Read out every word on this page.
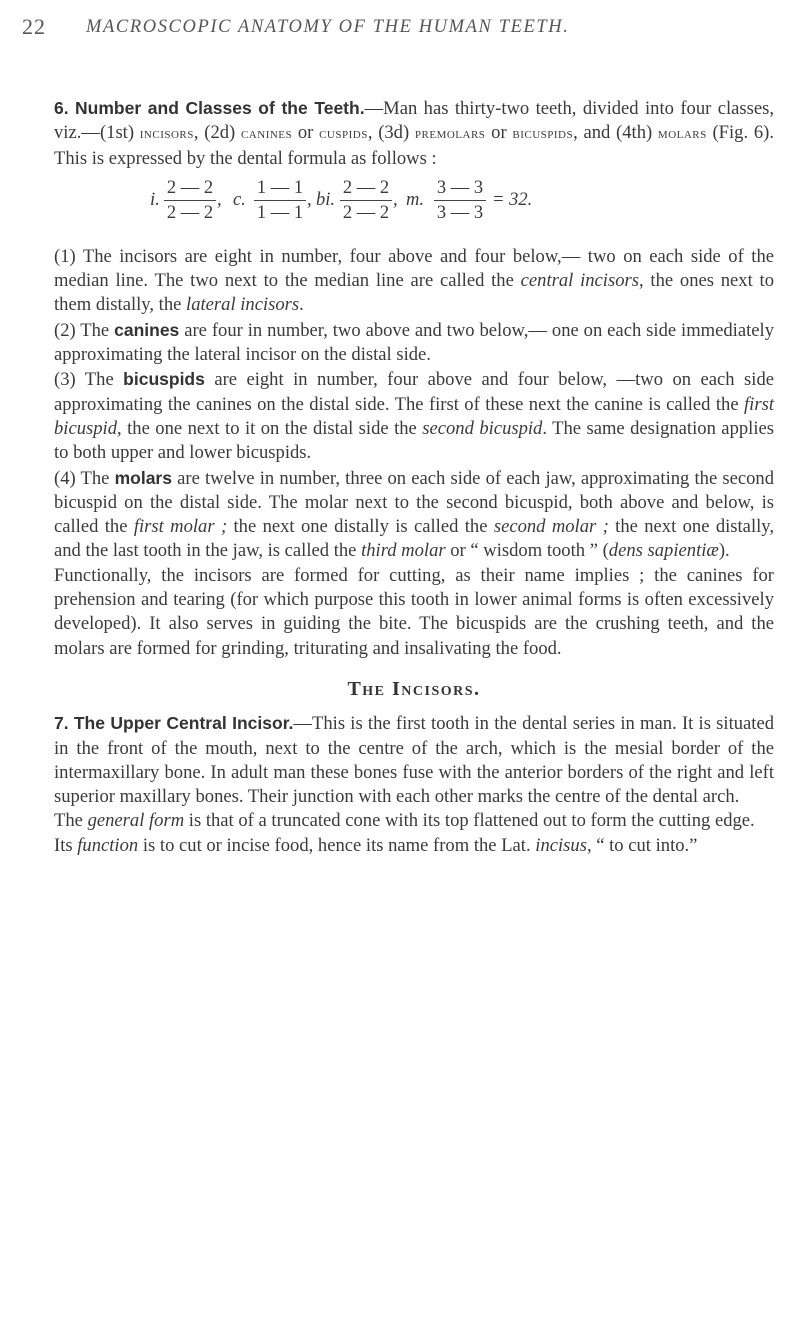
22 MACROSCOPIC ANATOMY OF THE HUMAN TEETH.

6. Number and Classes of the Teeth.—Man has thirty-two teeth, divided into four classes, viz.—(1st) incisors, (2d) canines or cuspids, (3d) premolars or bicuspids, and (4th) molars (Fig. 6). This is expressed by the dental formula as follows :

i.
2 — 2
2 — 2
, c.
1 — 1
1 — 1
, bi.
2 — 2
2 — 2
, m.
3 — 3
3 — 3
= 32.

(1) The incisors are eight in number, four above and four below,— two on each side of the median line. The two next to the median line are called the central incisors, the ones next to them distally, the lateral incisors.

(2) The canines are four in number, two above and two below,— one on each side immediately approximating the lateral incisor on the distal side.

(3) The bicuspids are eight in number, four above and four below, —two on each side approximating the canines on the distal side. The first of these next the canine is called the first bicuspid, the one next to it on the distal side the second bicuspid. The same designation applies to both upper and lower bicuspids.

(4) The molars are twelve in number, three on each side of each jaw, approximating the second bicuspid on the distal side. The molar next to the second bicuspid, both above and below, is called the first molar ; the next one distally is called the second molar ; the next one distally, and the last tooth in the jaw, is called the third molar or “ wisdom tooth ” (dens sapientiæ).

Functionally, the incisors are formed for cutting, as their name implies ; the canines for prehension and tearing (for which purpose this tooth in lower animal forms is often excessively developed). It also serves in guiding the bite. The bicuspids are the crushing teeth, and the molars are formed for grinding, triturating and insalivating the food.

The Incisors.

7. The Upper Central Incisor.—This is the first tooth in the dental series in man. It is situated in the front of the mouth, next to the centre of the arch, which is the mesial border of the intermaxillary bone. In adult man these bones fuse with the anterior borders of the right and left superior maxillary bones. Their junction with each other marks the centre of the dental arch.

The general form is that of a truncated cone with its top flattened out to form the cutting edge.

Its function is to cut or incise food, hence its name from the Lat. incisus, “ to cut into.”
